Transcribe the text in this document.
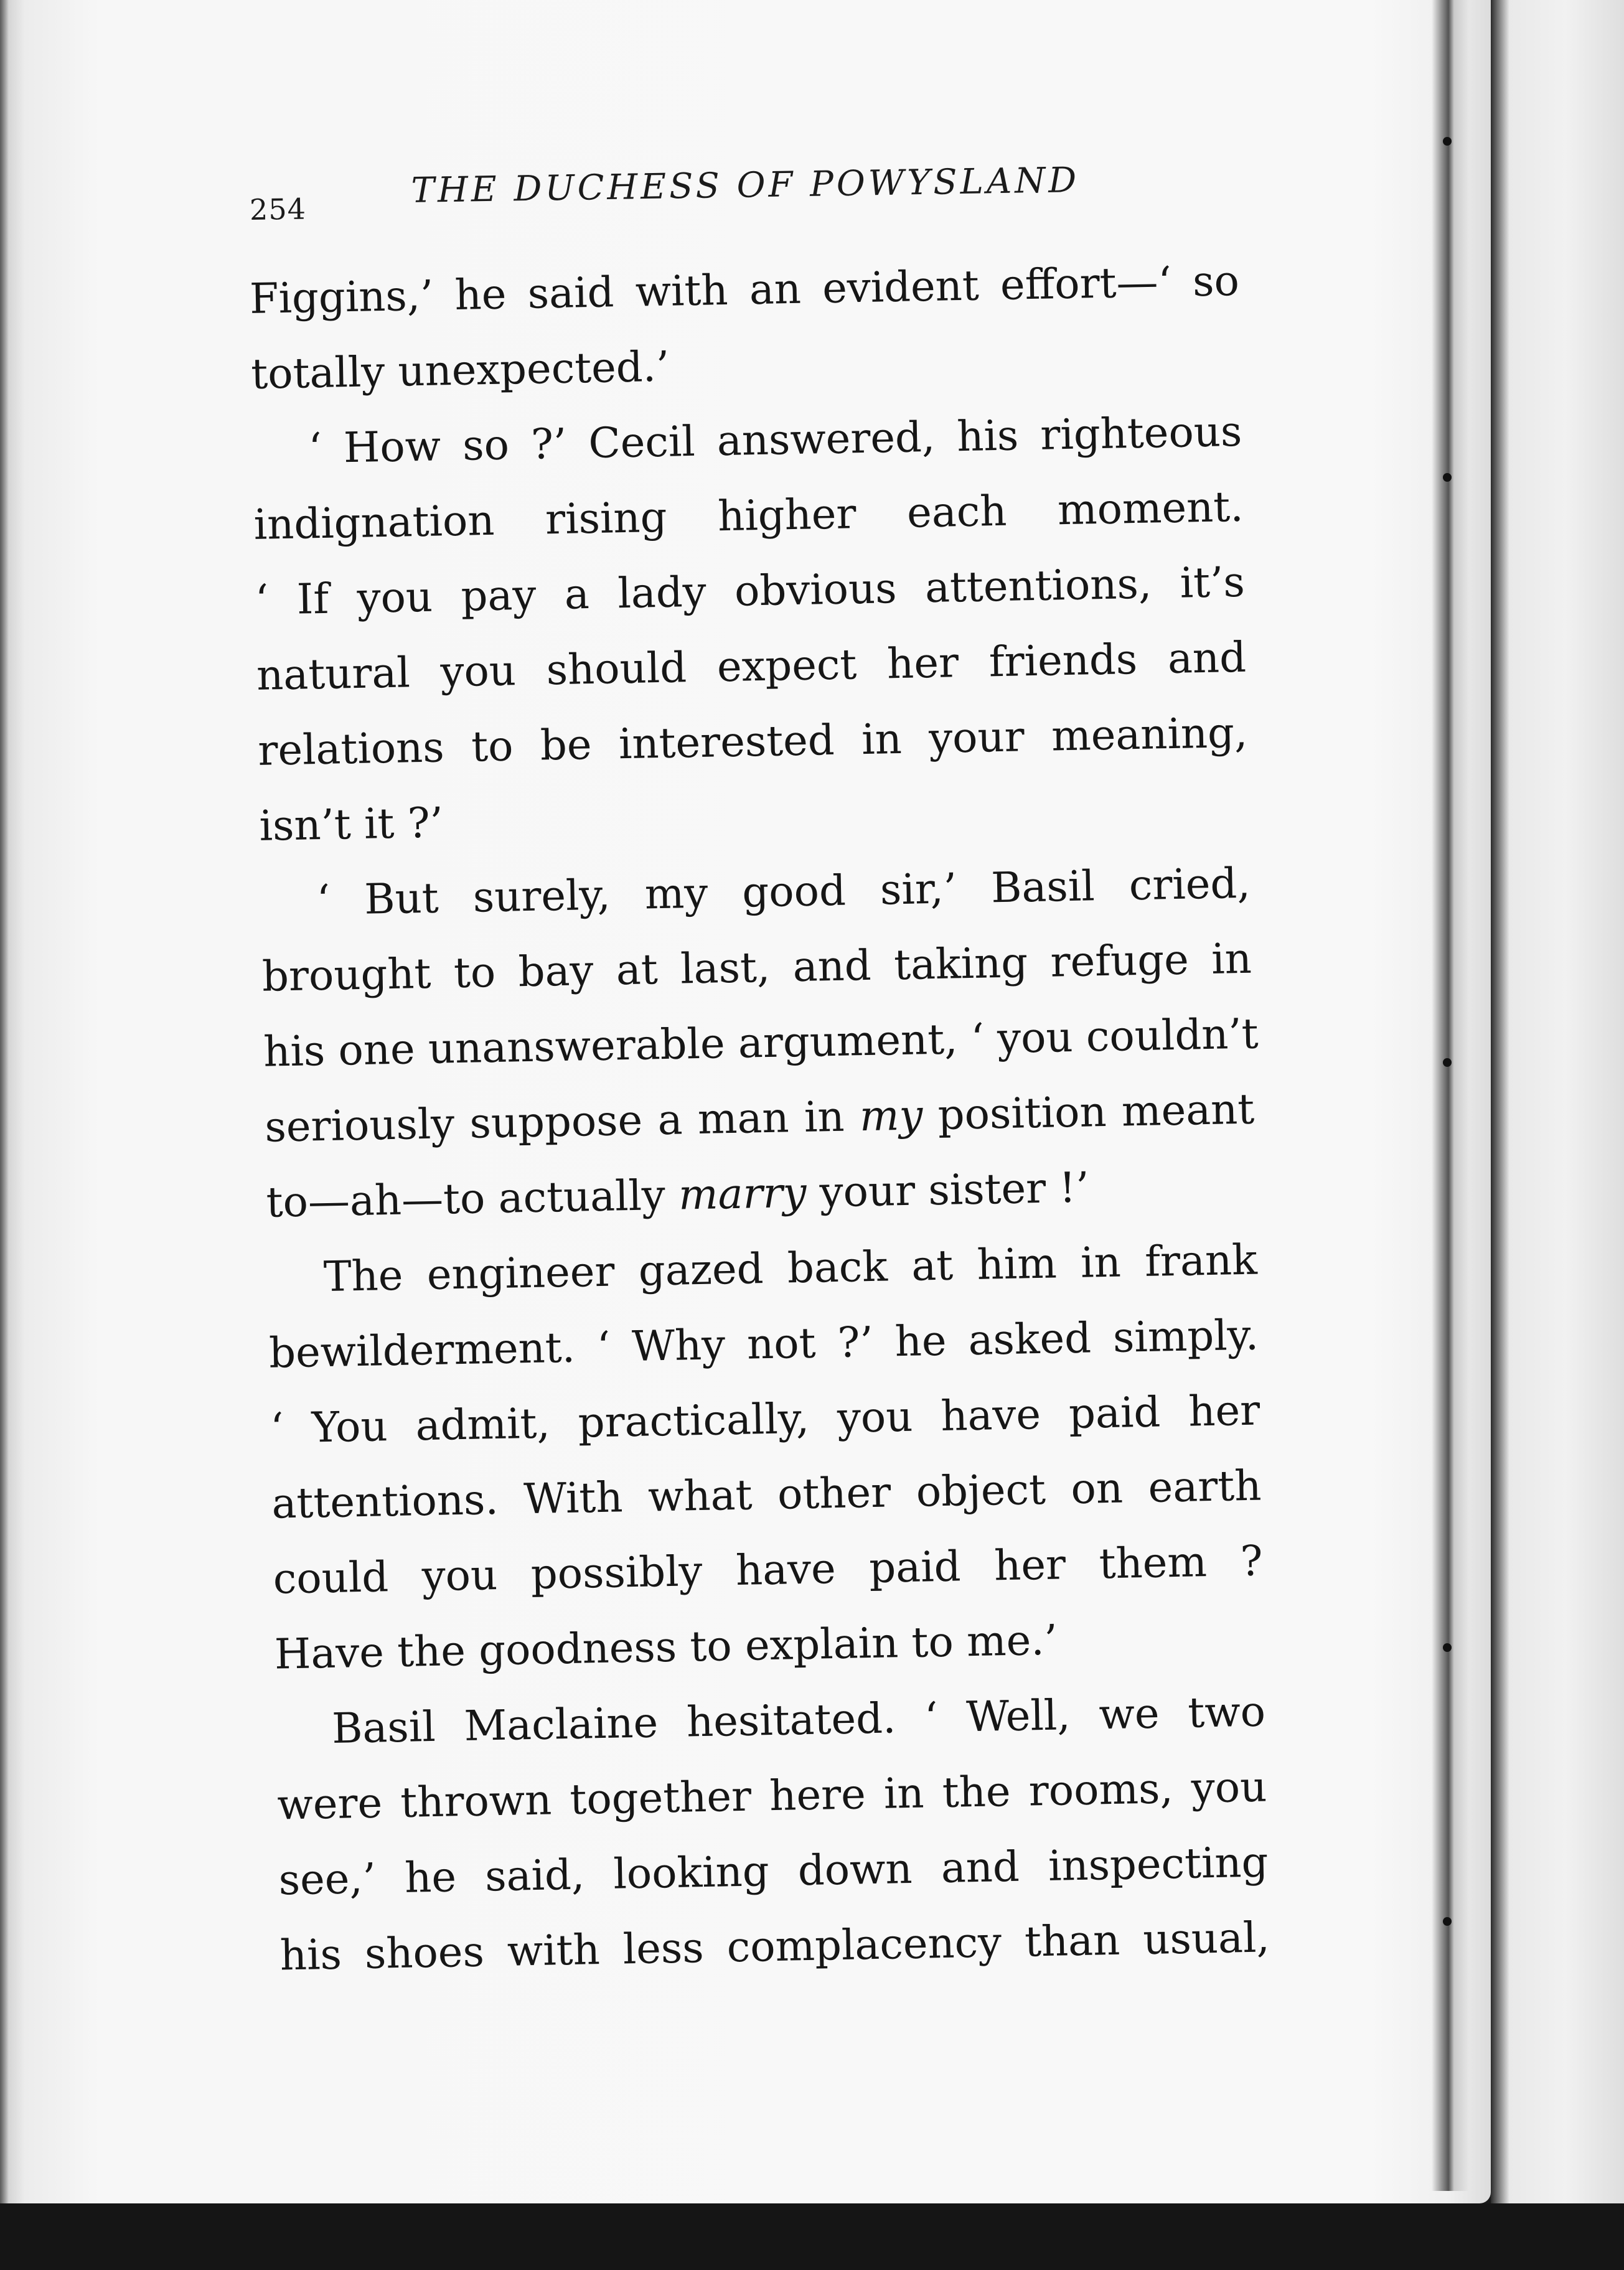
254	THE DUCHESS OF POWYSLAND
Figgins,’ he said with an evident effort—‘ so
totally unexpected.’
‘ How so ?’ Cecil answered, his righteous
indignation rising higher each moment.
‘ If you pay a lady obvious attentions, it’s
natural you should expect her friends and
relations to be interested in your meaning,
isn’t it ?’
‘ But surely, my good sir,’ Basil cried,
brought to bay at last, and taking refuge in
his one unanswerable argument, ‘ you couldn’t
seriously suppose a man in my position meant
to—ah—to actually marry your sister !’
The engineer gazed back at him in frank
bewilderment. ‘ Why not ?’ he asked simply.
‘ You admit, practically, you have paid her
attentions. With what other object on earth
could you possibly have paid her them ?
Have the goodness to explain to me.’
Basil Maclaine hesitated. ‘ Well, we two
were thrown together here in the rooms, you
see,’ he said, looking down and inspecting
his shoes with less complacency than usual,
